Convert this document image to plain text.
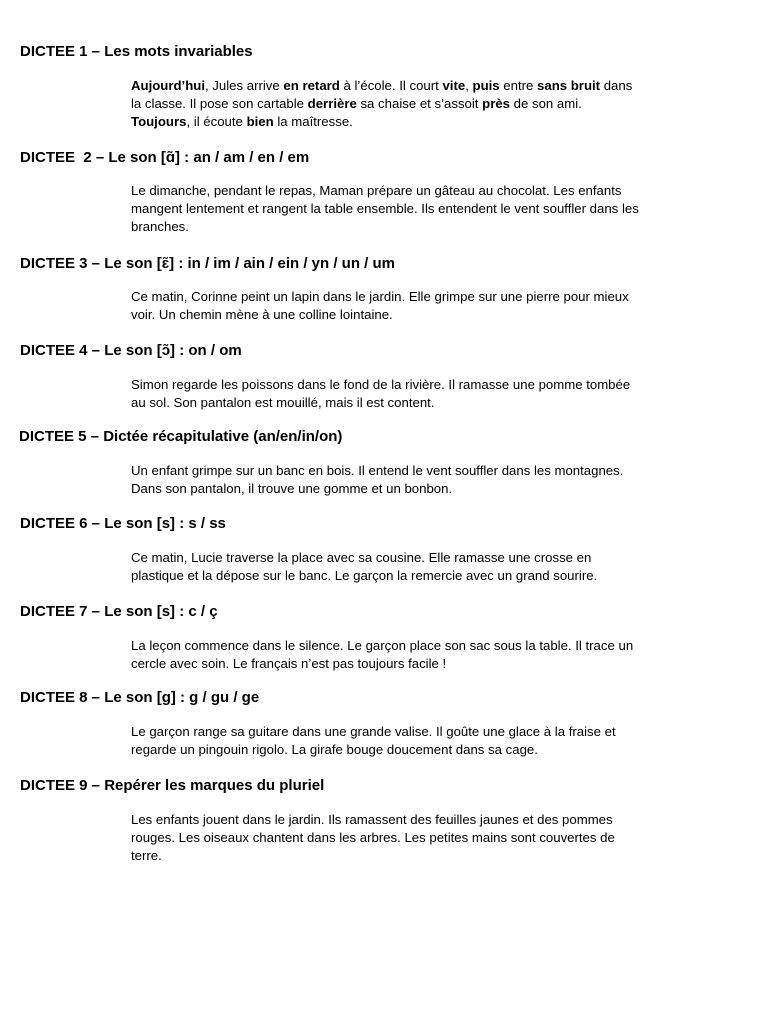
DICTEE 1 – Les mots invariables

Aujourd’hui, Jules arrive en retard à l’école. Il court vite, puis entre sans bruit dans la classe. Il pose son cartable derrière sa chaise et s’assoit près de son ami. Toujours, il écoute bien la maîtresse.

DICTEE  2 – Le son [ɑ̃] : an / am / en / em

Le dimanche, pendant le repas, Maman prépare un gâteau au chocolat. Les enfants mangent lentement et rangent la table ensemble. Ils entendent le vent souffler dans les branches.

DICTEE 3 – Le son [ɛ̃] : in / im / ain / ein / yn / un / um

Ce matin, Corinne peint un lapin dans le jardin. Elle grimpe sur une pierre pour mieux voir. Un chemin mène à une colline lointaine.

DICTEE 4 – Le son [ɔ̃] : on / om

Simon regarde les poissons dans le fond de la rivière. Il ramasse une pomme tombée au sol. Son pantalon est mouillé, mais il est content.

DICTEE 5 – Dictée récapitulative (an/en/in/on)

Un enfant grimpe sur un banc en bois. Il entend le vent souffler dans les montagnes. Dans son pantalon, il trouve une gomme et un bonbon.

DICTEE 6 – Le son [s] : s / ss

Ce matin, Lucie traverse la place avec sa cousine. Elle ramasse une crosse en plastique et la dépose sur le banc. Le garçon la remercie avec un grand sourire.

DICTEE 7 – Le son [s] : c / ç

La leçon commence dans le silence. Le garçon place son sac sous la table. Il trace un cercle avec soin. Le français n’est pas toujours facile !

DICTEE 8 – Le son [g] : g / gu / ge

Le garçon range sa guitare dans une grande valise. Il goûte une glace à la fraise et regarde un pingouin rigolo. La girafe bouge doucement dans sa cage.

DICTEE 9 – Repérer les marques du pluriel

Les enfants jouent dans le jardin. Ils ramassent des feuilles jaunes et des pommes rouges. Les oiseaux chantent dans les arbres. Les petites mains sont couvertes de terre.
